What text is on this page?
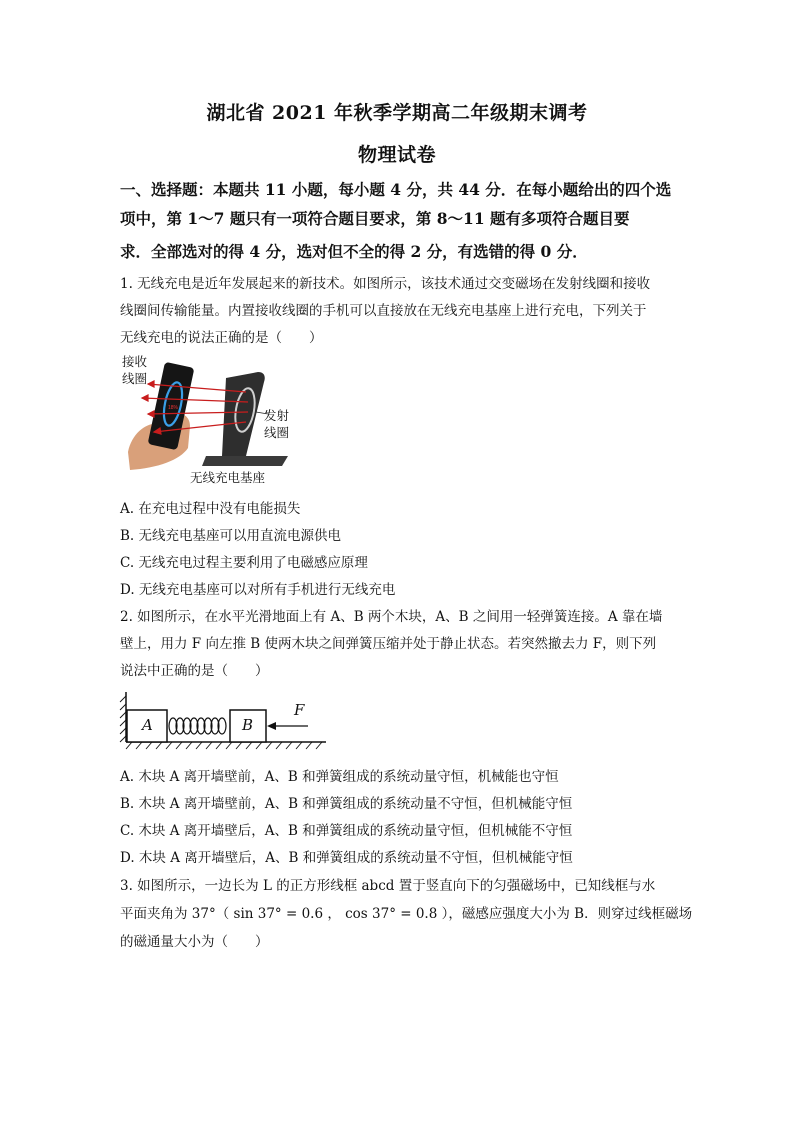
湖北省 2021 年秋季学期高二年级期末调考
物理试卷
一、选择题：本题共 11 小题，每小题 4 分，共 44 分．在每小题给出的四个选
项中，第 1～7 题只有一项符合题目要求，第 8～11 题有多项符合题目要
求．全部选对的得 4 分，选对但不全的得 2 分，有选错的得 0 分．
1. 无线充电是近年发展起来的新技术。如图所示，该技术通过交变磁场在发射线圈和接收
线圈间传输能量。内置接收线圈的手机可以直接放在无线充电基座上进行充电，下列关于
无线充电的说法正确的是（　　）
18%
接收
线圈
发射
线圈
无线充电基座
A. 在充电过程中没有电能损失
B. 无线充电基座可以用直流电源供电
C. 无线充电过程主要利用了电磁感应原理
D. 无线充电基座可以对所有手机进行无线充电
2. 如图所示，在水平光滑地面上有 A、B 两个木块，A、B 之间用一轻弹簧连接。A 靠在墙
壁上，用力 F 向左推 B 使两木块之间弹簧压缩并处于静止状态。若突然撤去力 F，则下列
说法中正确的是（　　）
A	B
F
A. 木块 A 离开墙壁前，A、B 和弹簧组成的系统动量守恒，机械能也守恒
B. 木块 A 离开墙壁前，A、B 和弹簧组成的系统动量不守恒，但机械能守恒
C. 木块 A 离开墙壁后，A、B 和弹簧组成的系统动量守恒，但机械能不守恒
D. 木块 A 离开墙壁后，A、B 和弹簧组成的系统动量不守恒，但机械能守恒
3. 如图所示，一边长为 L 的正方形线框 abcd 置于竖直向下的匀强磁场中，已知线框与水
平面夹角为 37°（ sin 37° = 0.6 ， cos 37° = 0.8 ），磁感应强度大小为 B．则穿过线框磁场
的磁通量大小为（　　）
